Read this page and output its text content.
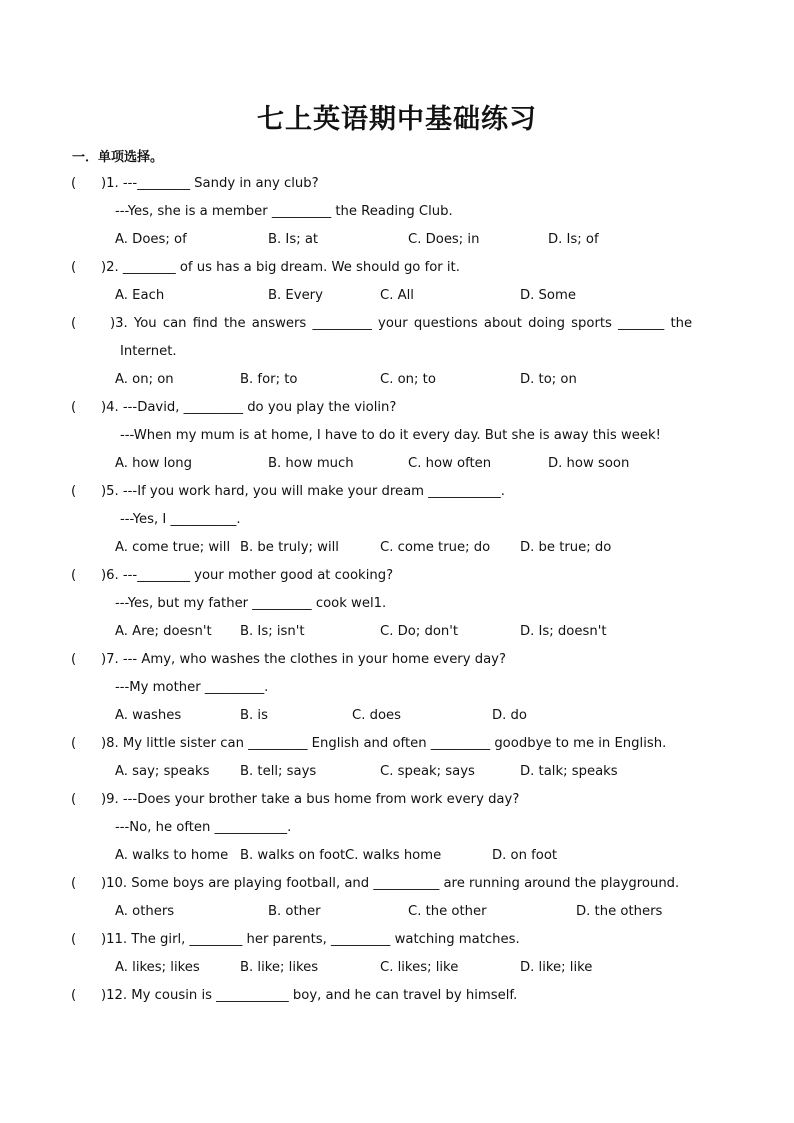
七上英语期中基础练习
一．单项选择。
( )1. ---________ Sandy in any club?
---Yes, she is a member _________ the Reading Club.
A. Does; of	B. Is; at	C. Does; in	D. Is; of
( )2. ________ of us has a big dream. We should go for it.
A. Each	B. Every	C. All	D. Some
(	)3. You can find the answers _________ your questions about doing sports _______ the
Internet.
A. on; on	B. for; to	C. on; to	D. to; on
( )4. ---David, _________ do you play the violin?
---When my mum is at home, I have to do it every day. But she is away this week!
A. how long	B. how much	C. how often	D. how soon
( )5. ---If you work hard, you will make your dream ___________.
---Yes, I __________.
A. come true; will B. be truly; will	C. come true; do D. be true; do
( )6. ---________ your mother good at cooking?
---Yes, but my father _________ cook wel1.
A. Are; doesn't B. Is; isn't	C. Do; don't	D. Is; doesn't
( )7. --- Amy, who washes the clothes in your home every day?
---My mother _________.
A. washes	B. is	C. does	D. do
( )8. My little sister can _________ English and often _________ goodbye to me in English.
A. say; speaks B. tell; says	C. speak; says	D. talk; speaks
( )9. ---Does your brother take a bus home from work every day?
---No, he often ___________.
A. walks to home B. walks on foot C. walks home	D. on foot
( )10. Some boys are playing football, and __________ are running around the playground.
A. others	B. other	C. the other	D. the others
( )11. The girl, ________ her parents, _________ watching matches.
A. likes; likes	B. like; likes	C. likes; like	D. like; like
( )12. My cousin is ___________ boy, and he can travel by himself.
